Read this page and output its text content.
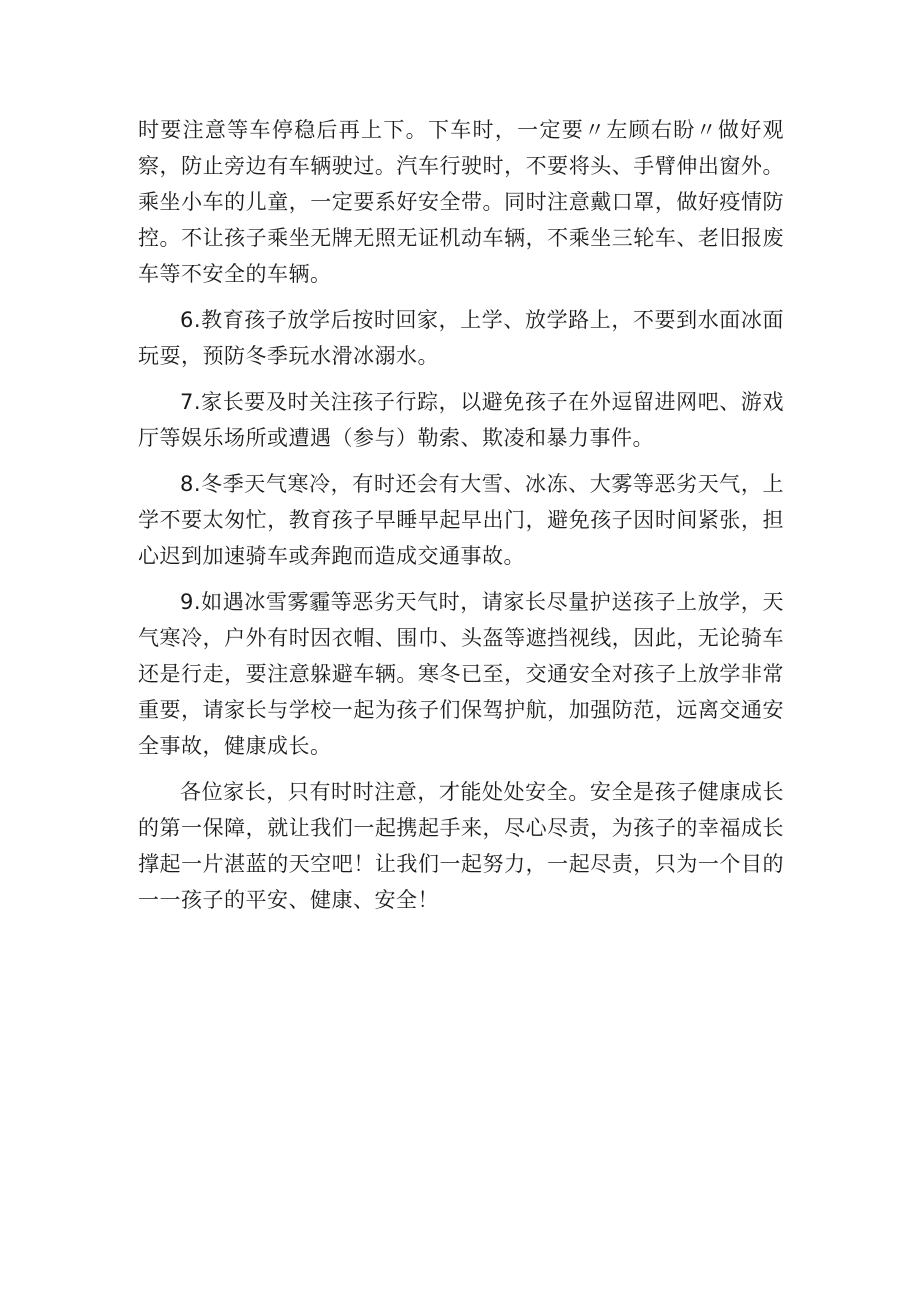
时要注意等车停稳后再上下。下车时，一定要〃左顾右盼〃做好观察，防止旁边有车辆驶过。汽车行驶时，不要将头、手臂伸出窗外。乘坐小车的儿童，一定要系好安全带。同时注意戴口罩，做好疫情防控。不让孩子乘坐无牌无照无证机动车辆，不乘坐三轮车、老旧报废车等不安全的车辆。

6.教育孩子放学后按时回家，上学、放学路上，不要到水面冰面玩耍，预防冬季玩水滑冰溺水。

7.家长要及时关注孩子行踪，以避免孩子在外逗留进网吧、游戏厅等娱乐场所或遭遇（参与）勒索、欺凌和暴力事件。

8.冬季天气寒冷，有时还会有大雪、冰冻、大雾等恶劣天气，上学不要太匆忙，教育孩子早睡早起早出门，避免孩子因时间紧张，担心迟到加速骑车或奔跑而造成交通事故。

9.如遇冰雪雾霾等恶劣天气时，请家长尽量护送孩子上放学，天气寒冷，户外有时因衣帽、围巾、头盔等遮挡视线，因此，无论骑车还是行走，要注意躲避车辆。寒冬已至，交通安全对孩子上放学非常重要，请家长与学校一起为孩子们保驾护航，加强防范，远离交通安全事故，健康成长。

各位家长，只有时时注意，才能处处安全。安全是孩子健康成长的第一保障，就让我们一起携起手来，尽心尽责，为孩子的幸福成长撑起一片湛蓝的天空吧！让我们一起努力，一起尽责，只为一个目的一一孩子的平安、健康、安全！
